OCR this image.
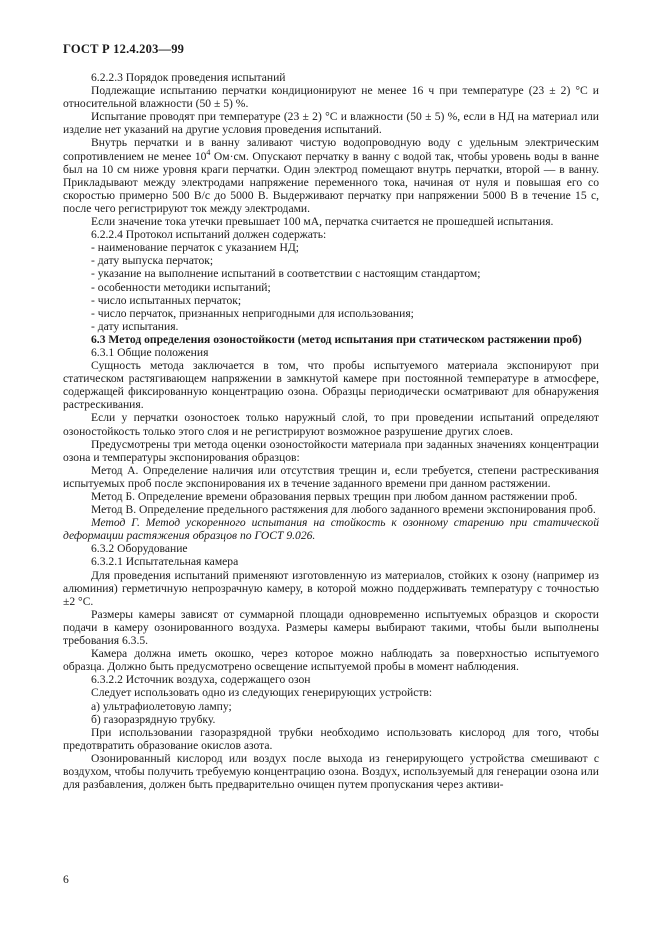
ГОСТ Р 12.4.203—99

6.2.2.3 Порядок проведения испытаний

Подлежащие испытанию перчатки кондиционируют не менее 16 ч при температуре (23 ± 2) °С и относительной влажности (50 ± 5) %.

Испытание проводят при температуре (23 ± 2) °С и влажности (50 ± 5) %, если в НД на материал или изделие нет указаний на другие условия проведения испытаний.

Внутрь перчатки и в ванну заливают чистую водопроводную воду с удельным электрическим сопротивлением не менее $10^4$ Ом·см. Опускают перчатку в ванну с водой так, чтобы уровень воды в ванне был на 10 см ниже уровня краги перчатки. Один электрод помещают внутрь перчатки, второй — в ванну. Прикладывают между электродами напряжение переменного тока, начиная от нуля и повышая его со скоростью примерно 500 В/с до 5000 В. Выдерживают перчатку при напряжении 5000 В в течение 15 с, после чего регистрируют ток между электродами.

Если значение тока утечки превышает 100 мА, перчатка считается не прошедшей испытания.

6.2.2.4 Протокол испытаний должен содержать:

- наименование перчаток с указанием НД;

- дату выпуска перчаток;

- указание на выполнение испытаний в соответствии с настоящим стандартом;

- особенности методики испытаний;

- число испытанных перчаток;

- число перчаток, признанных непригодными для использования;

- дату испытания.

6.3 Метод определения озоностойкости (метод испытания при статическом растяжении проб)

6.3.1 Общие положения

Сущность метода заключается в том, что пробы испытуемого материала экспонируют при статическом растягивающем напряжении в замкнутой камере при постоянной температуре в атмосфере, содержащей фиксированную концентрацию озона. Образцы периодически осматривают для обнаружения растрескивания.

Если у перчатки озоностоек только наружный слой, то при проведении испытаний определяют озоностойкость только этого слоя и не регистрируют возможное разрушение других слоев.

Предусмотрены три метода оценки озоностойкости материала при заданных значениях концентрации озона и температуры экспонирования образцов:

Метод А. Определение наличия или отсутствия трещин и, если требуется, степени растрескивания испытуемых проб после экспонирования их в течение заданного времени при данном растяжении.

Метод Б. Определение времени образования первых трещин при любом данном растяжении проб.

Метод В. Определение предельного растяжения для любого заданного времени экспонирования проб.

Метод Г. Метод ускоренного испытания на стойкость к озонному старению при статической деформации растяжения образцов по ГОСТ 9.026.

6.3.2 Оборудование

6.3.2.1 Испытательная камера

Для проведения испытаний применяют изготовленную из материалов, стойких к озону (например из алюминия) герметичную непрозрачную камеру, в которой можно поддерживать температуру с точностью ±2 °С.

Размеры камеры зависят от суммарной площади одновременно испытуемых образцов и скорости подачи в камеру озонированного воздуха. Размеры камеры выбирают такими, чтобы были выполнены требования 6.3.5.

Камера должна иметь окошко, через которое можно наблюдать за поверхностью испытуемого образца. Должно быть предусмотрено освещение испытуемой пробы в момент наблюдения.

6.3.2.2 Источник воздуха, содержащего озон

Следует использовать одно из следующих генерирующих устройств:

а) ультрафиолетовую лампу;

б) газоразрядную трубку.

При использовании газоразрядной трубки необходимо использовать кислород для того, чтобы предотвратить образование окислов азота.

Озонированный кислород или воздух после выхода из генерирующего устройства смешивают с воздухом, чтобы получить требуемую концентрацию озона. Воздух, используемый для генерации озона или для разбавления, должен быть предварительно очищен путем пропускания через активи-

6
